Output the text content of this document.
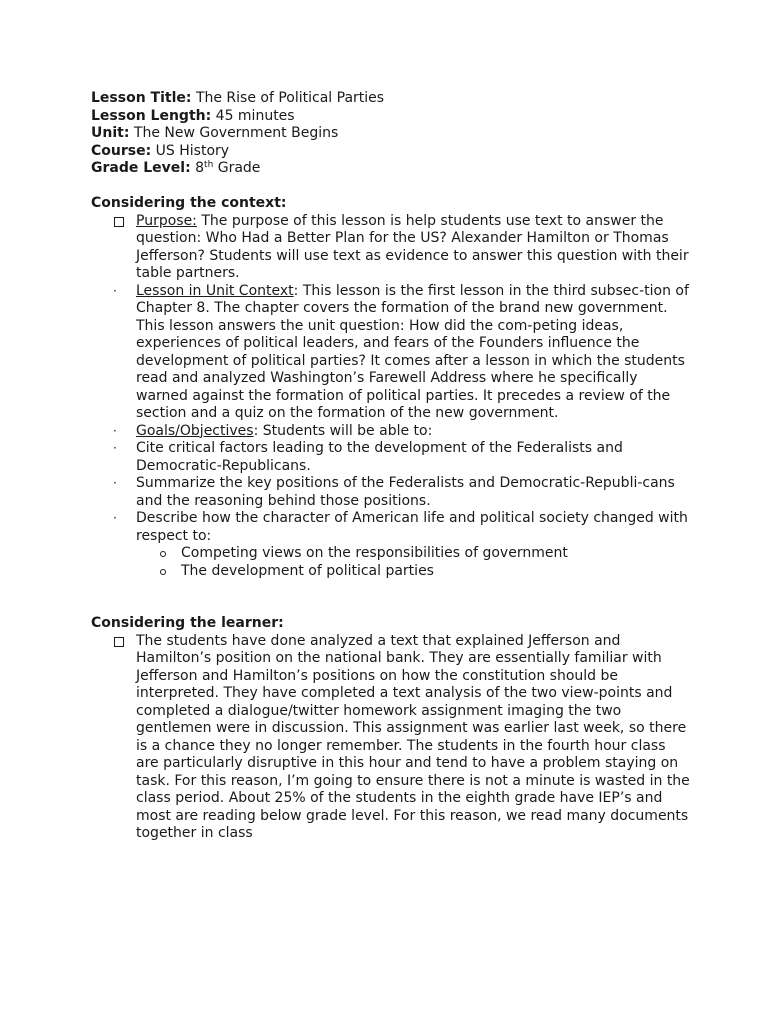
Lesson Title: The Rise of Political Parties

Lesson Length: 45 minutes

Unit: The New Government Begins

Course: US History

Grade Level: 8th Grade

Considering the context:

Purpose: The purpose of this lesson is help students use text to answer the question: Who Had a Better Plan for the US? Alexander Hamilton or Thomas Jefferson? Students will use text as evidence to answer this question with their table partners.
· Lesson in Unit Context: This lesson is the first lesson in the third subsec-tion of Chapter 8. The chapter covers the formation of the brand new government. This lesson answers the unit question: How did the com-peting ideas, experiences of political leaders, and fears of the Founders influence the development of political parties? It comes after a lesson in which the students read and analyzed Washington’s Farewell Address where he specifically warned against the formation of political parties. It precedes a review of the section and a quiz on the formation of the new government.
· Goals/Objectives: Students will be able to:
· Cite critical factors leading to the development of the Federalists and Democratic-Republicans.
· Summarize the key positions of the Federalists and Democratic-Republi-cans and the reasoning behind those positions.
· Describe how the character of American life and political society changed with respect to:
Competing views on the responsibilities of government
The development of political parties

Considering the learner:

The students have done analyzed a text that explained Jefferson and Hamilton’s position on the national bank. They are essentially familiar with Jefferson and Hamilton’s positions on how the constitution should be interpreted. They have completed a text analysis of the two view-points and completed a dialogue/twitter homework assignment imaging the two gentlemen were in discussion. This assignment was earlier last week, so there is a chance they no longer remember. The students in the fourth hour class are particularly disruptive in this hour and tend to have a problem staying on task. For this reason, I’m going to ensure there is not a minute is wasted in the class period. About 25% of the students in the eighth grade have IEP’s and most are reading below grade level. For this reason, we read many documents together in class
